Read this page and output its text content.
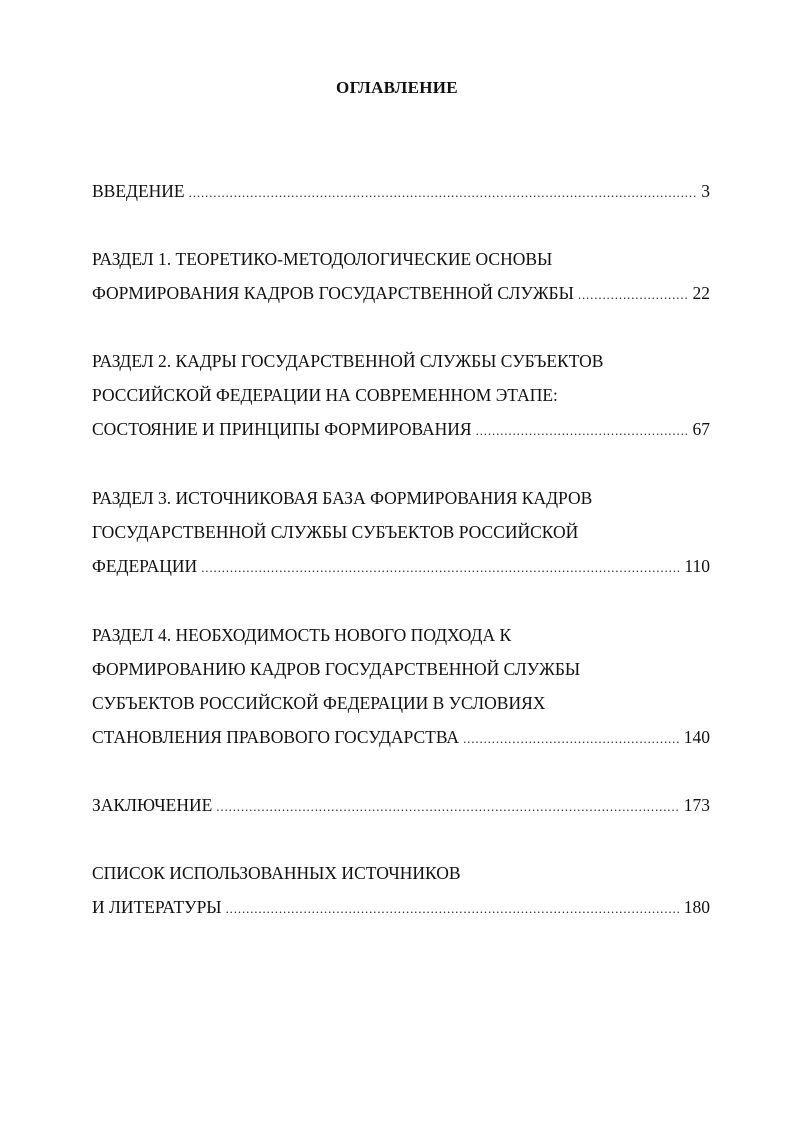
ОГЛАВЛЕНИЕ
ВВЕДЕНИЕ . . .	3
РАЗДЕЛ 1. ТЕОРЕТИКО-МЕТОДОЛОГИЧЕСКИЕ ОСНОВЫ
ФОРМИРОВАНИЯ КАДРОВ ГОСУДАРСТВЕННОЙ СЛУЖБЫ . . .	22
РАЗДЕЛ 2. КАДРЫ ГОСУДАРСТВЕННОЙ СЛУЖБЫ СУБЪЕКТОВ
РОССИЙСКОЙ ФЕДЕРАЦИИ НА СОВРЕМЕННОМ ЭТАПЕ:
СОСТОЯНИЕ И ПРИНЦИПЫ ФОРМИРОВАНИЯ . . .	67
РАЗДЕЛ 3. ИСТОЧНИКОВАЯ БАЗА ФОРМИРОВАНИЯ КАДРОВ
ГОСУДАРСТВЕННОЙ СЛУЖБЫ СУБЪЕКТОВ РОССИЙСКОЙ
ФЕДЕРАЦИИ . . .	110
РАЗДЕЛ 4. НЕОБХОДИМОСТЬ НОВОГО ПОДХОДА К
ФОРМИРОВАНИЮ КАДРОВ ГОСУДАРСТВЕННОЙ СЛУЖБЫ
СУБЪЕКТОВ РОССИЙСКОЙ ФЕДЕРАЦИИ В УСЛОВИЯХ
СТАНОВЛЕНИЯ ПРАВОВОГО ГОСУДАРСТВА . . .	140
ЗАКЛЮЧЕНИЕ . . .	173
СПИСОК ИСПОЛЬЗОВАННЫХ ИСТОЧНИКОВ
И ЛИТЕРАТУРЫ . . .	180
